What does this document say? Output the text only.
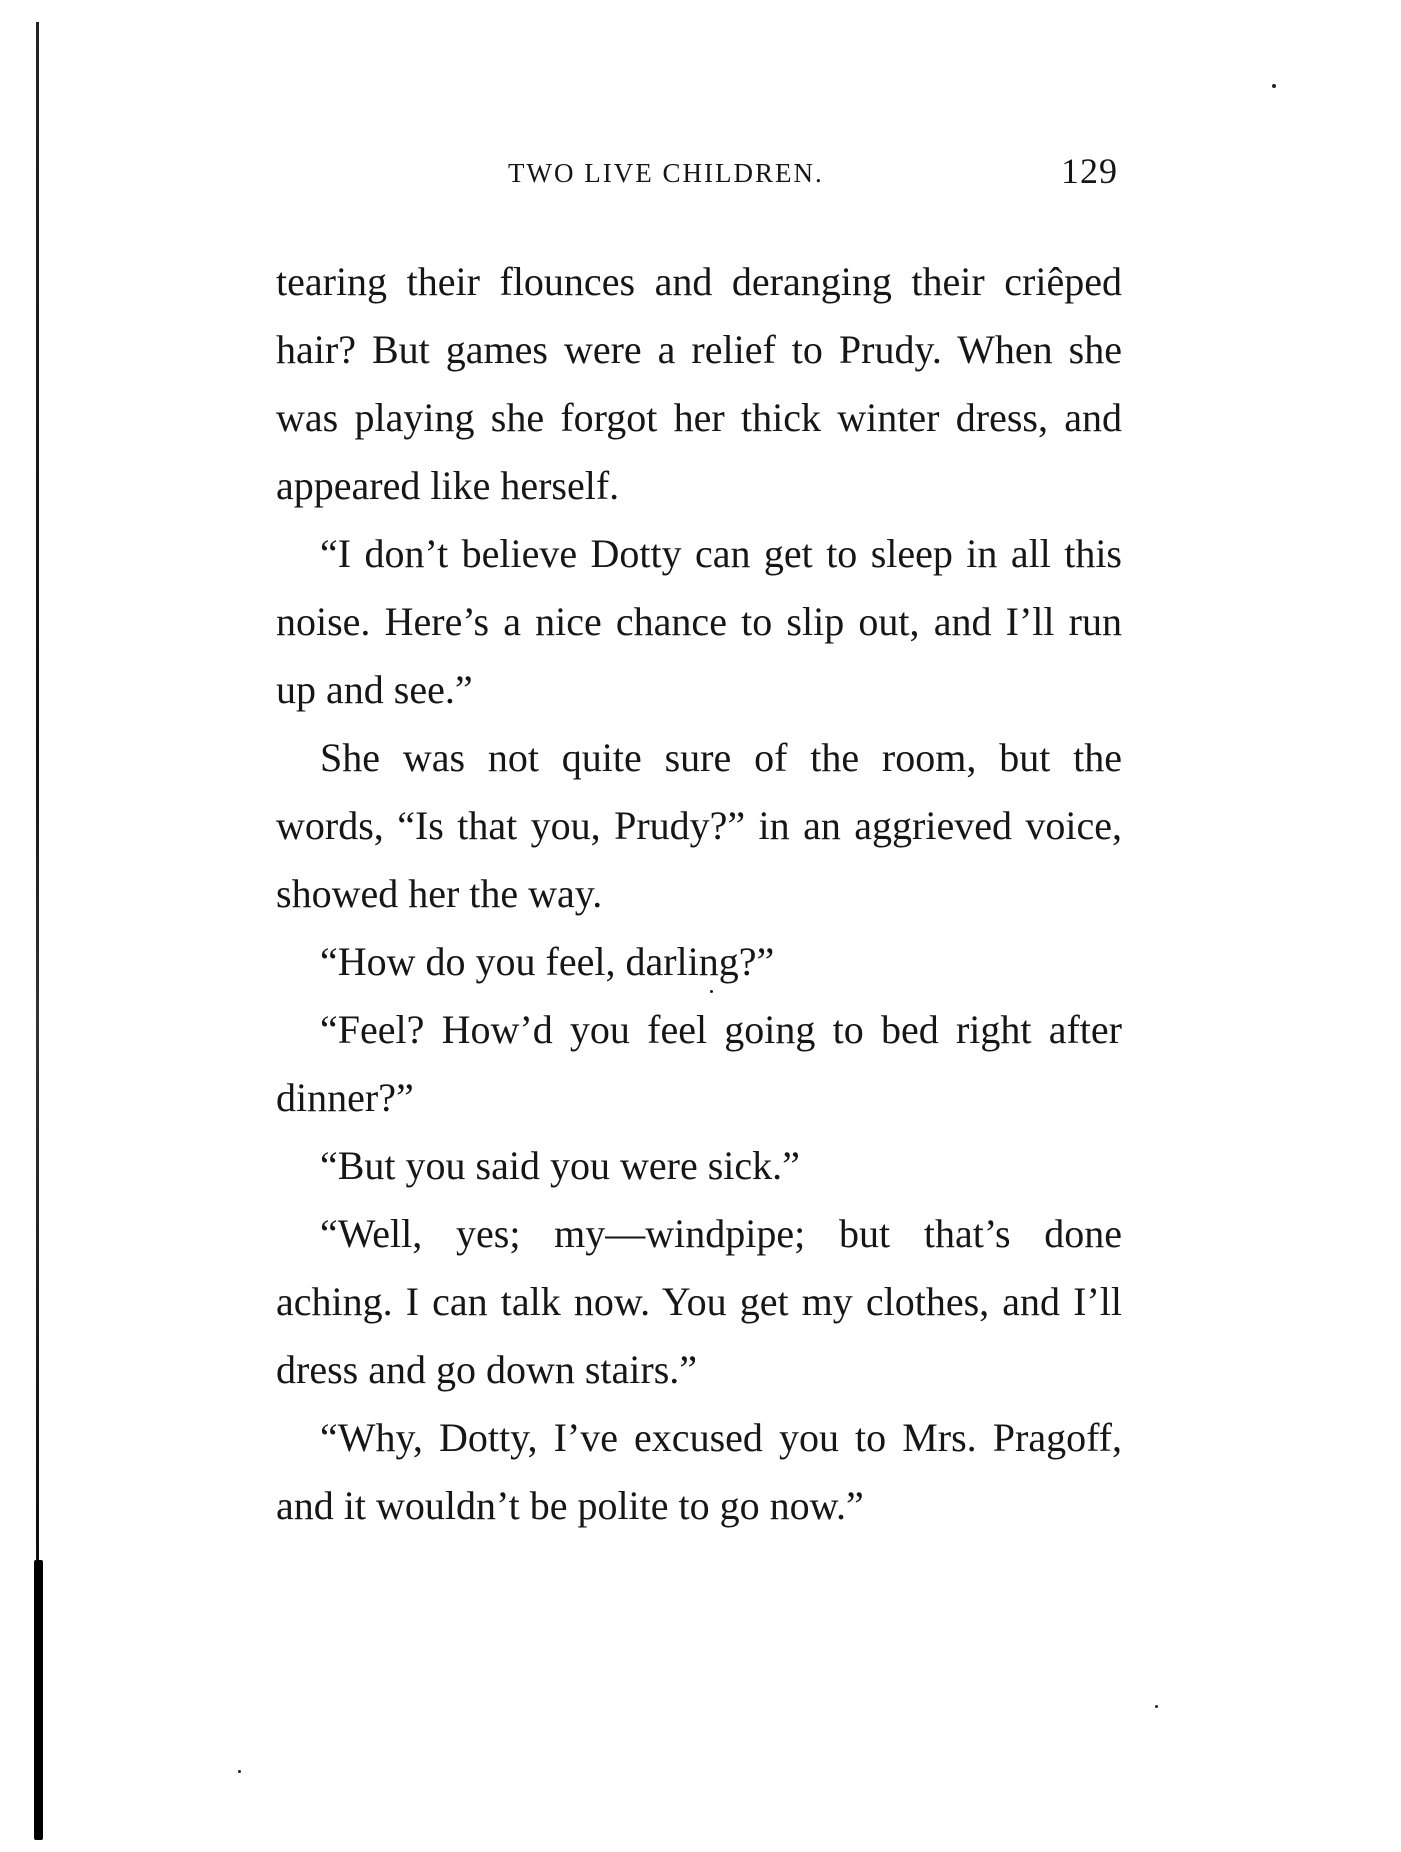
TWO LIVE CHILDREN.	129

tearing their flounces and deranging their criêped hair? But games were a relief to Prudy. When she was playing she forgot her thick winter dress, and appeared like herself.

“I don’t believe Dotty can get to sleep in all this noise. Here’s a nice chance to slip out, and I’ll run up and see.”

She was not quite sure of the room, but the words, “Is that you, Prudy?” in an aggrieved voice, showed her the way.

“How do you feel, darling?”

“Feel? How’d you feel going to bed right after dinner?”

“But you said you were sick.”

“Well, yes; my—windpipe; but that’s done aching. I can talk now. You get my clothes, and I’ll dress and go down stairs.”

“Why, Dotty, I’ve excused you to Mrs. Pragoff, and it wouldn’t be polite to go now.”
